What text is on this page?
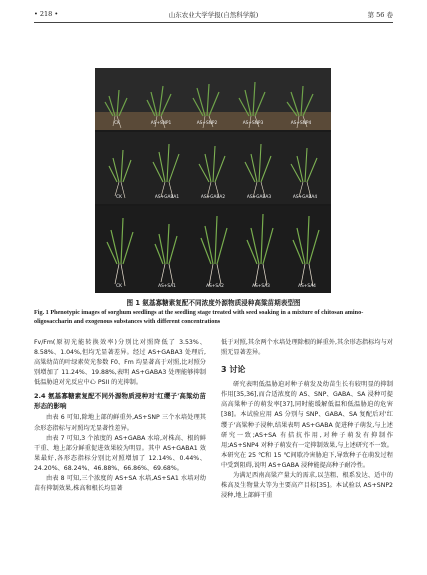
• 218 •	山东农业大学学报(自然科学版)	第 56 卷
CK	AS+SNP1	AS+SNP2	AS+SNP3	AS+SNP4
CK	AS+GABA1	AS+GABA2	AS+GABA3	AS+GABA4
CK	AS+SA1	AS+SA2	AS+SA3	AS+SA4
图 1 氨基寡糖素复配不同浓度外源物质浸种高粱苗期表型图
Fig. 1 Phenotypic images of sorghum seedlings at the seedling stage treated with seed soaking in a mixture of chitosan amino-oligosaccharin and exogenous substances with different concentrations

Fv/Fm(原初光能转换效率)分别比对照降低了 3.53%、8.58%、1.04%,但均无显著差异。经过 AS+GABA3 处理后,高粱幼苗的叶绿素荧光参数 F0、Fm 均显著高于对照,比对照分别增加了 11.24%、19.88%,表明 AS+GABA3 处理能够抑制低温胁迫对光反应中心 PSII 的光抑制。

2.4 氨基寡糖素复配不同外源物质浸种对'红缨子'高粱幼苗形态的影响

由表 6 可知,除地上部的鲜重外,AS+SNP 三个水培处理其余形态指标与对照均无显著性差异。

由表 7 可知,3 个浓度的 AS+GABA 水培,对株高、根的鲜干重、地上部分鲜重促进效果较为明显。其中 AS+GABA1 效果最好,各形态指标分别比对照增加了 12.14%、0.44%、24.20%、68.24%、46.88%、66.86%、69.68%。

由表 8 可知,三个浓度的 AS+SA 水培,AS+SA1 水培对幼苗有抑制效果,株高和根长均显著

低于对照,其余两个水培处理除根的鲜重外,其余形态指标均与对照无显著差异。

3 讨论

研究表明低温胁迫对种子萌发及幼苗生长有较明显的抑制作用[35,36],而合适浓度的 AS、SNP、GABA、SA 浸种可提高高粱种子的萌发率[37],同时能缓解低温和低温胁迫的危害[38]。本试验应用 AS 分别与 SNP、GABA、SA 复配后对'红缨子'高粱种子浸种,结果表明 AS+GABA 促进种子萌发,与上述研究一致;AS+SA 有拮抗作用,对种子萌发有抑制作用;AS+SNP4 对种子萌发有一定抑制效果,与上述研究不一致。本研究在 25 ℃和 15 ℃间歇冷害胁迫下,导致种子在萌发过程中受到阻碍,说明 AS+GABA 浸种能提高种子耐冷性。

为满足西南高粱产量大的需求,以茎粗、根系发达、适中的株高及生物量大等为主要高产目标[35]。本试验以 AS+SNP2 浸种,地上部鲜干重
